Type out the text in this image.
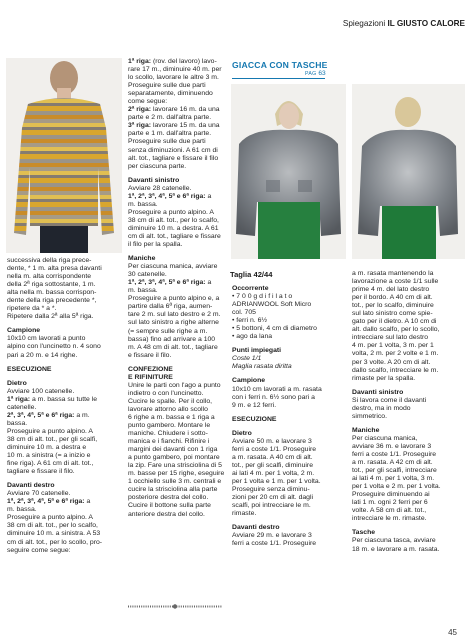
Spiegazioni IL GIUSTO CALORE

successiva della riga prece-

dente, * 1 m. alta presa davanti

nella m. alta corrispondente

della 2ª riga sottostante, 1 m.

alta nella m. bassa corrispon-

dente della riga precedente *,

ripetere da * a *.

Ripetere dalla 2ª alla 5ª riga.

Campione

10x10 cm lavorati a punto

alpino con l'uncinetto n. 4 sono

pari a 20 m. e 14 righe.

ESECUZIONE

Dietro

Avviare 100 catenelle.

1ª riga: a m. bassa su tutte le

catenelle.

2ª, 3ª, 4ª, 5ª e 6ª riga: a m.

bassa.

Proseguire a punto alpino. A

38 cm di alt. tot., per gli scalfi,

diminuire 10 m. a destra e

10 m. a sinistra (= a inizio e

fine riga). A 61 cm di alt. tot.,

tagliare e fissare il filo.

Davanti destro

Avviare 70 catenelle.

1ª, 2ª, 3ª, 4ª, 5ª e 6ª riga: a

m. bassa.

Proseguire a punto alpino. A

38 cm di alt. tot., per lo scalfo,

diminuire 10 m. a sinistra. A 53

cm di alt. tot., per lo scollo, pro-

seguire come segue:

1ª riga: (rov. del lavoro) lavo-

rare 17 m., diminuire 40 m. per

lo scollo, lavorare le altre 3 m.

Proseguire sulle due parti

separatamente, diminuendo

come segue:

2ª riga: lavorare 16 m. da una

parte e 2 m. dall'altra parte.

3ª riga: lavorare 15 m. da una

parte e 1 m. dall'altra parte.

Proseguire sulle due parti

senza diminuzioni. A 61 cm di

alt. tot., tagliare e fissare il filo

per ciascuna parte.

Davanti sinistro

Avviare 28 catenelle.

1ª, 2ª, 3ª, 4ª, 5ª e 6ª riga: a

m. bassa.

Proseguire a punto alpino. A

38 cm di alt. tot., per lo scalfo,

diminuire 10 m. a destra. A 61

cm di alt. tot., tagliare e fissare

il filo per la spalla.

Maniche

Per ciascuna manica, avviare

30 catenelle.

1ª, 2ª, 3ª, 4ª, 5ª e 6ª riga: a

m. bassa.

Proseguire a punto alpino e, a

partire dalla 6ª riga, aumen-

tare 2 m. sul lato destro e 2 m.

sul lato sinistro a righe alterne

(= sempre sulle righe a m.

bassa) fino ad arrivare a 100

m. A 48 cm di alt. tot., tagliare

e fissare il filo.

CONFEZIONE

E RIFINITURE

Unire le parti con l'ago a punto

indietro o con l'uncinetto.

Cucire le spalle. Per il collo,

lavorare attorno allo scollo

6 righe a m. bassa e 1 riga a

punto gambero. Montare le

maniche. Chiudere i sotto-

manica e i fianchi. Rifinire i

margini dei davanti con 1 riga

a punto gambero, poi montare

la zip. Fare una strisciolina di 5

m. basse per 15 righe, eseguire

1 occhiello sulle 3 m. centrali e

cucire la strisciolina alla parte

posteriore destra del collo.

Cucire il bottone sulla parte

anteriore destra del collo.

GIACCA CON TASCHE
PAG 63
Taglia 42/44

Occorrente

• 7 0 0 g d i f i l a t o

ADRIANWOOL Soft Micro

col. 705

• ferri n. 6½

• 5 bottoni, 4 cm di diametro

• ago da lana

Punti impiegati

Coste 1/1

Maglia rasata diritta

Campione

10x10 cm lavorati a m. rasata

con i ferri n. 6½ sono pari a

9 m. e 12 ferri.

ESECUZIONE

Dietro

Avviare 50 m. e lavorare 3

ferri a coste 1/1. Proseguire

a m. rasata. A 40 cm di alt.

tot., per gli scalfi, diminuire

ai lati 4 m. per 1 volta, 2 m.

per 1 volta e 1 m. per 1 volta.

Proseguire senza diminu-

zioni per 20 cm di alt. dagli

scalfi, poi intrecciare le m.

rimaste.

Davanti destro

Avviare 29 m. e lavorare 3

ferri a coste 1/1. Proseguire

a m. rasata mantenendo la

lavorazione a coste 1/1 sulle

prime 4 m. del lato destro

per il bordo. A 40 cm di alt.

tot., per lo scalfo, diminuire

sul lato sinistro come spie-

gato per il dietro. A 10 cm di

alt. dallo scalfo, per lo scollo,

intrecciare sul lato destro

4 m. per 1 volta, 3 m. per 1

volta, 2 m. per 2 volte e 1 m.

per 3 volte. A 20 cm di alt.

dallo scalfo, intrecciare le m.

rimaste per la spalla.

Davanti sinistro

Si lavora come il davanti

destro, ma in modo

simmetrico.

Maniche

Per ciascuna manica,

avviare 36 m. e lavorare 3

ferri a coste 1/1. Proseguire

a m. rasata. A 42 cm di alt.

tot., per gli scalfi, intrecciare

ai lati 4 m. per 1 volta, 3 m.

per 1 volta e 2 m. per 1 volta.

Proseguire diminuendo ai

lati 1 m. ogni 2 ferri per 6

volte. A 58 cm di alt. tot.,

intrecciare le m. rimaste.

Tasche

Per ciascuna tasca, avviare

18 m. e lavorare a m. rasata.

45
